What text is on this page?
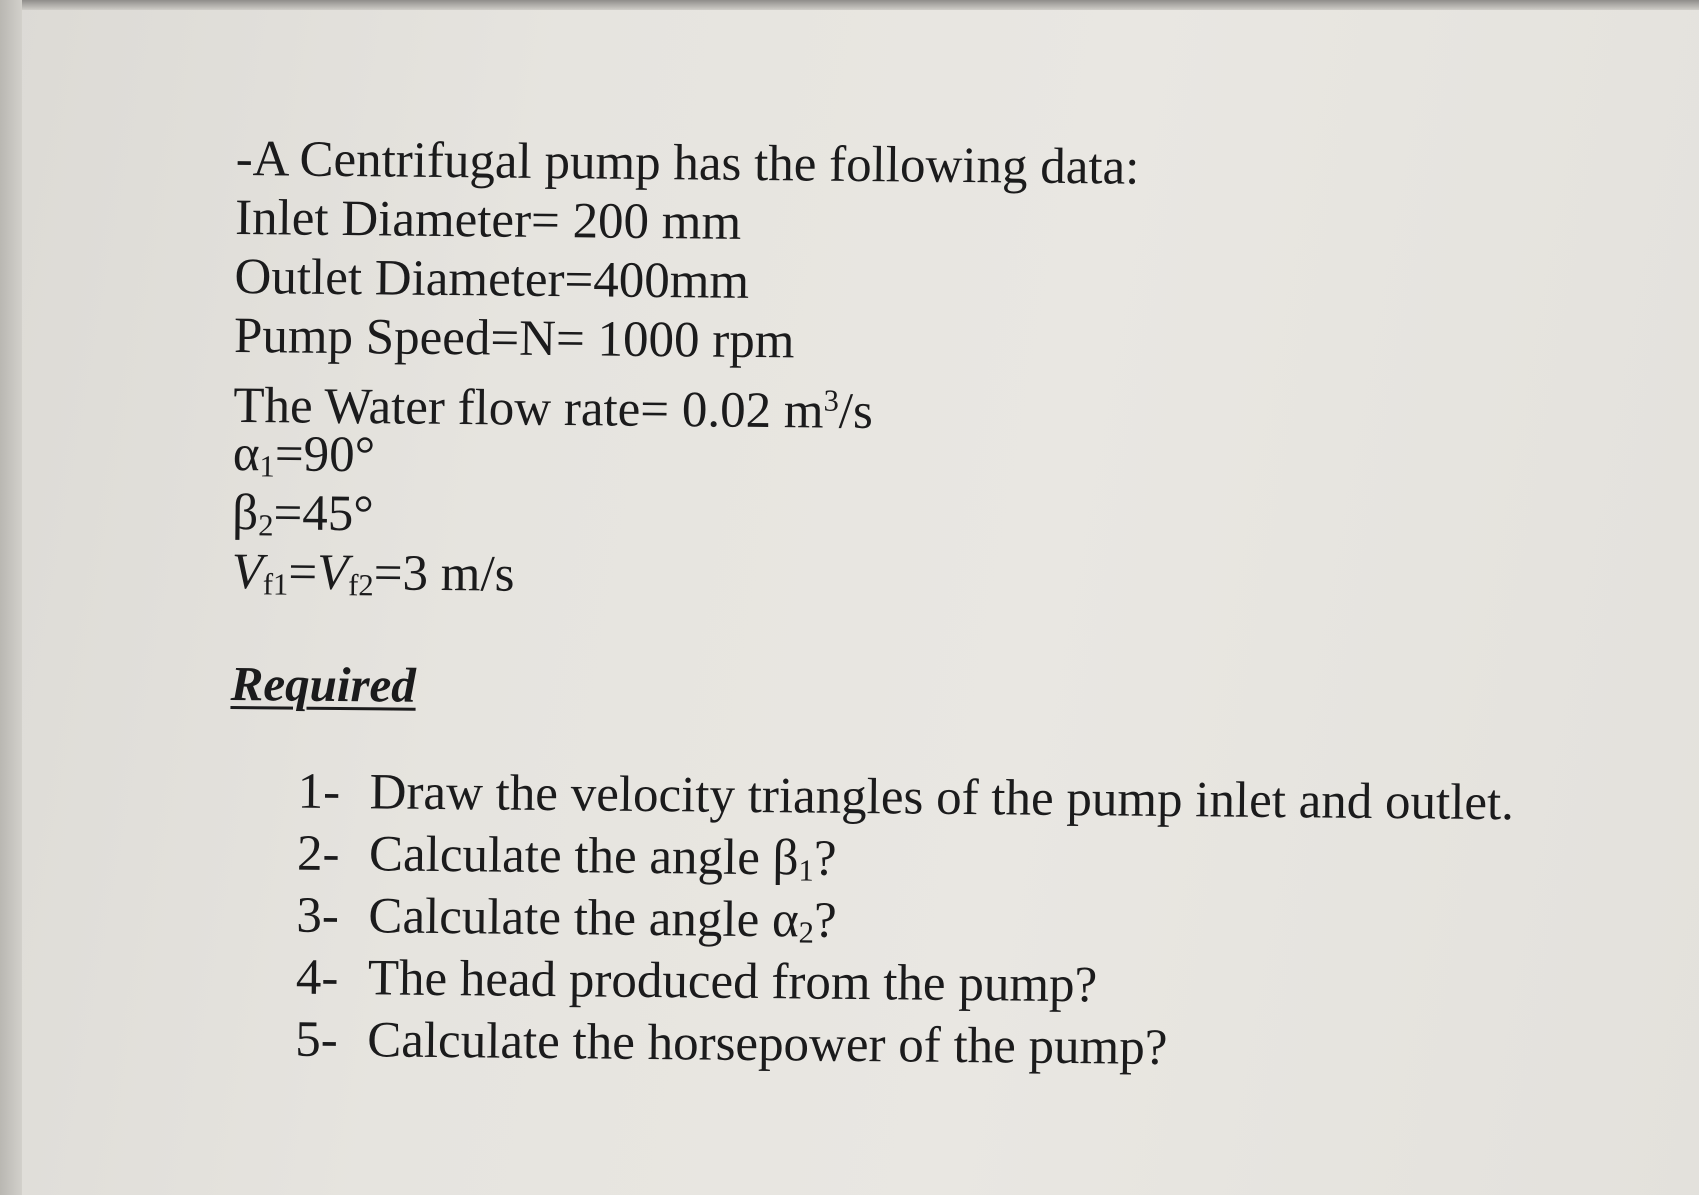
-A Centrifugal pump has the following data:
Inlet Diameter= 200 mm
Outlet Diameter=400mm
Pump Speed=N= 1000 rpm
The Water flow rate= 0.02 $m^3/s$
$\alpha_1=90^\circ$
$\beta_2=45^\circ$
$V_{f1}=V_{f2}=3$ m/s
Required
1- Draw the velocity triangles of the pump inlet and outlet.
2- Calculate the angle $\beta_1$?
3- Calculate the angle $\alpha_2$?
4- The head produced from the pump?
5- Calculate the horsepower of the pump?
